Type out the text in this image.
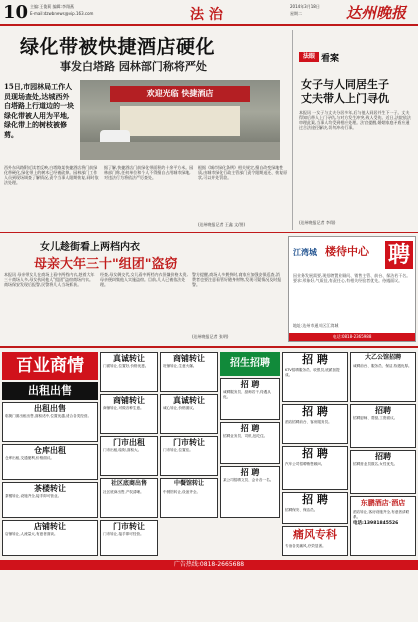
10 主编:王俊莉 编辑:李翔燕
E-mail:dzwbnews@vip.163.com	法 治
2014年3月18日
星期二	达州晚报
绿化带被快捷酒店硬化
事发白塔路 园林部门称将严处
15日,市园林局工作人员现场查处,达城西外白塔路上行道边的一块绿化带被人用为平地,绿化带上的树枝被修剪。
欢迎光临 快捷酒店
西外东风路附近读者反映,白塔路某快捷酒店将门前绿化带硬化,绿化带上的树木已经被砍掉。园林部门工作人员到现场调查了解情况,责令当事人限期恢复,同时依法处理。
据了解,快捷酒店门前绿化带面积约十余平方米。园林部门称,任何单位和个人不得擅自占用城市绿地,对违法行为将依法严厉查处。
根据《城市绿化条例》相关规定,擅自改变绿地性质,由城市绿化行政主管部门责令限期退还、恢复原状,可以并处罚款。
(达州晚报记者 王鑫 文/图)
法眼 看案
女子与人同居生子
丈夫带人上门寻仇
本报讯 一女子与丈夫分居多年,后与他人同居并生下一子。丈夫得知后带人上门寻仇,与对方发生冲突,致人受伤。近日,法院依法审理此案,当事人均受到相应处理。法官提醒,婚姻家庭矛盾应通过合法途径解决,切勿冲动行事。
(达州晚报记者 李翔)
女儿趁街看上两档内衣
母亲大年三十"组团"盗窃
本报讯 母亲带女儿在商场上看中两档内衣,趁着大年三十商场人多,母女伙同他人"组团"盗窃商场内衣。商场保安发现后报警,民警将几人当场抓获。
经查,母女俩交代,女儿看中两档内衣但嫌价格太贵,母亲便纠集他人实施盗窃。目前,几人已被依法处理。
警方提醒,商场人多拥挤时,商家应加强安保巡查,消费者也要注意看管好随身财物,发现可疑情况及时报警。
(达州晚报记者 张明)
江湾城 楼待中心 聘
因业务发展需要,现招聘置业顾问、销售主管、前台、保洁若干名。要求:形象好,气质佳,有责任心,有相关经验者优先。待遇面议。
地址:达州市通川区江湾城
电话:0818-2365988
百业商情
出租出售
出租出售
临街门面出租出售,面积适中,位置优越,适合各类经营。
仓库出租
仓库出租,交通便利,价格面议。
茶楼转让
茶楼转让,设施齐全,接手即可营业。
店铺转让
店铺转让,人流量大,有意者面谈。
真诚转让
门面转让,位置好,价格优惠。
商铺转让
商铺转让,可做各种生意。
门市出租
门市出租,临街,面积大。
社区底商出售
社区底商出售,产权清晰。
门市转让
门市转让,接手即可经营。
商铺转让
旺铺转让,生意火爆。
真诚转让
诚心转让,价格面议。
门市转让
门市转让,位置佳。
中餐馆转让
中餐馆转让,设备齐全。
招生招聘
招 聘
诚聘服务员、厨师若干,待遇从优。
招 聘
招聘业务员、司机,包吃住。
招 聘
某公司招聘文员、会计各一名。
招 聘
KTV招聘服务员、收银员,底薪加提成。
招 聘
酒店招聘前台、客房服务员。
招 聘
汽车公司招聘销售顾问。
招 聘
招聘保安、保洁员。
大乙公馆招聘
诚聘前台、服务员、保洁,待遇优厚。
招聘
招聘厨师、帮厨,工资面议。
招聘
招聘营业员数名,女性优先。
痛风专科
专治各类痛风,疗效显著。
东鹏酒店·酒店
酒店转让,客房设施齐全,有意者请联系。
电话:13981845526
广告热线:0818-2665688
